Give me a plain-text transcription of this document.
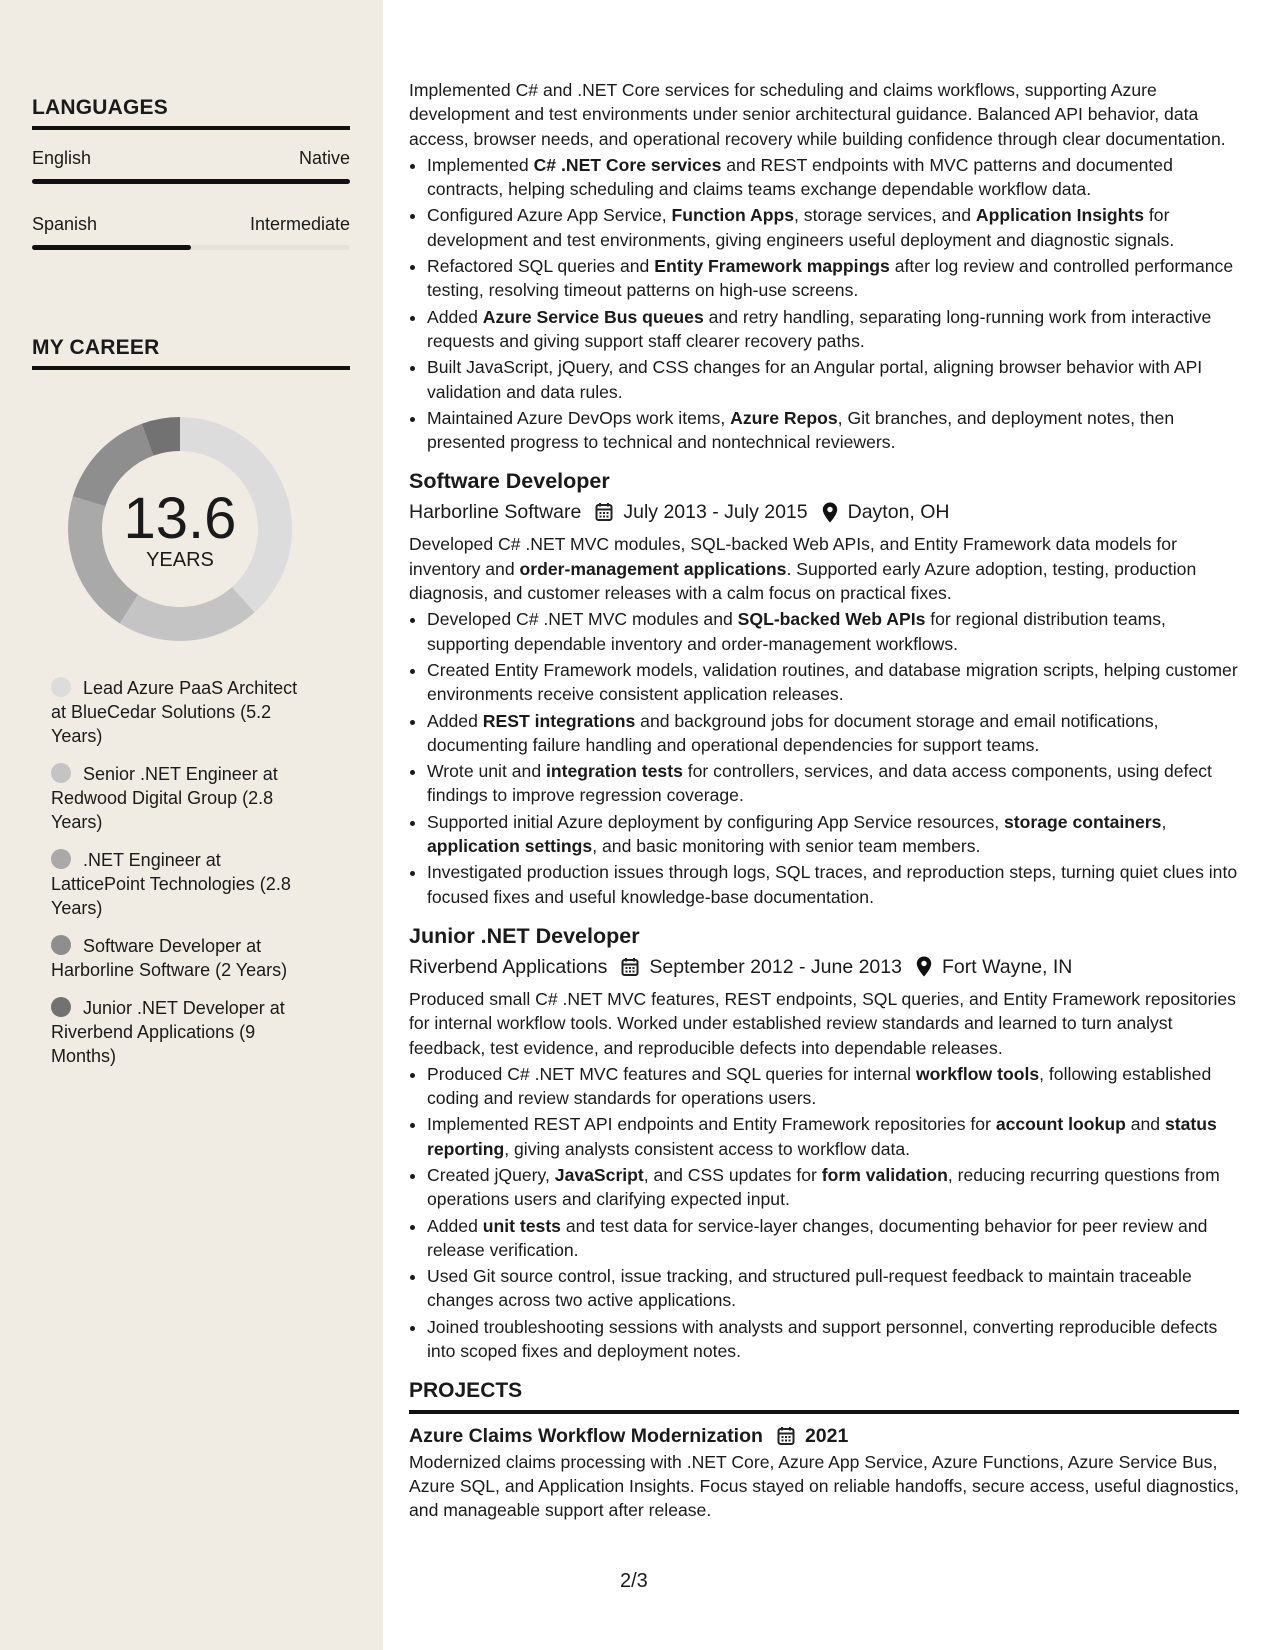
LANGUAGES
English	Native
Spanish	Intermediate
MY CAREER
13.6
YEARS
Lead Azure PaaS Architect at BlueCedar Solutions (5.2 Years)
Senior .NET Engineer at Redwood Digital Group (2.8 Years)
.NET Engineer at LatticePoint Technologies (2.8 Years)
Software Developer at Harborline Software (2 Years)
Junior .NET Developer at Riverbend Applications (9 Months)

Implemented C# and .NET Core services for scheduling and claims workflows, supporting Azure development and test environments under senior architectural guidance. Balanced API behavior, data access, browser needs, and operational recovery while building confidence through clear documentation.

• Implemented C# .NET Core services and REST endpoints with MVC patterns and documented contracts, helping scheduling and claims teams exchange dependable workflow data.
• Configured Azure App Service, Function Apps, storage services, and Application Insights for development and test environments, giving engineers useful deployment and diagnostic signals.
• Refactored SQL queries and Entity Framework mappings after log review and controlled performance testing, resolving timeout patterns on high-use screens.
• Added Azure Service Bus queues and retry handling, separating long-running work from interactive requests and giving support staff clearer recovery paths.
• Built JavaScript, jQuery, and CSS changes for an Angular portal, aligning browser behavior with API validation and data rules.
• Maintained Azure DevOps work items, Azure Repos, Git branches, and deployment notes, then presented progress to technical and nontechnical reviewers.
Software Developer
Harborline Software July 2013 - July 2015 Dayton, OH

Developed C# .NET MVC modules, SQL-backed Web APIs, and Entity Framework data models for inventory and order-management applications. Supported early Azure adoption, testing, production diagnosis, and customer releases with a calm focus on practical fixes.

• Developed C# .NET MVC modules and SQL-backed Web APIs for regional distribution teams, supporting dependable inventory and order-management workflows.
• Created Entity Framework models, validation routines, and database migration scripts, helping customer environments receive consistent application releases.
• Added REST integrations and background jobs for document storage and email notifications, documenting failure handling and operational dependencies for support teams.
• Wrote unit and integration tests for controllers, services, and data access components, using defect findings to improve regression coverage.
• Supported initial Azure deployment by configuring App Service resources, storage containers, application settings, and basic monitoring with senior team members.
• Investigated production issues through logs, SQL traces, and reproduction steps, turning quiet clues into focused fixes and useful knowledge-base documentation.
Junior .NET Developer
Riverbend Applications September 2012 - June 2013 Fort Wayne, IN

Produced small C# .NET MVC features, REST endpoints, SQL queries, and Entity Framework repositories for internal workflow tools. Worked under established review standards and learned to turn analyst feedback, test evidence, and reproducible defects into dependable releases.

• Produced C# .NET MVC features and SQL queries for internal workflow tools, following established coding and review standards for operations users.
• Implemented REST API endpoints and Entity Framework repositories for account lookup and status reporting, giving analysts consistent access to workflow data.
• Created jQuery, JavaScript, and CSS updates for form validation, reducing recurring questions from operations users and clarifying expected input.
• Added unit tests and test data for service-layer changes, documenting behavior for peer review and release verification.
• Used Git source control, issue tracking, and structured pull-request feedback to maintain traceable changes across two active applications.
• Joined troubleshooting sessions with analysts and support personnel, converting reproducible defects into scoped fixes and deployment notes.
PROJECTS
Azure Claims Workflow Modernization 2021

Modernized claims processing with .NET Core, Azure App Service, Azure Functions, Azure Service Bus, Azure SQL, and Application Insights. Focus stayed on reliable handoffs, secure access, useful diagnostics, and manageable support after release.

2/3
